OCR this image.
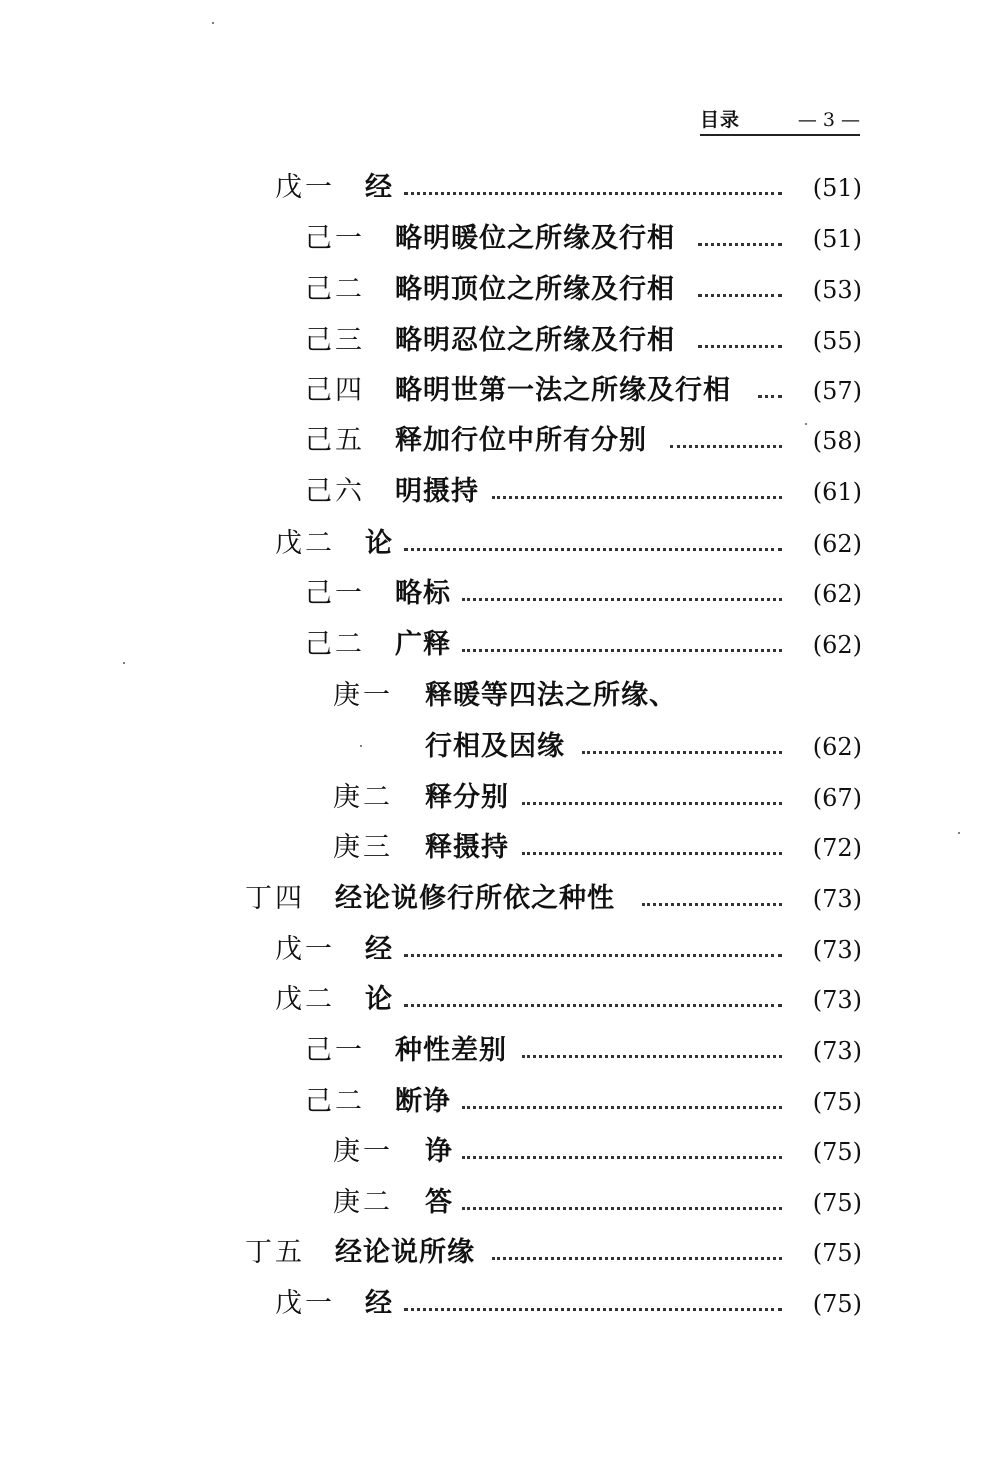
目录	— 3 —
戊一 经	(51)
己一 略明暖位之所缘及行相	(51)
己二 略明顶位之所缘及行相	(53)
己三 略明忍位之所缘及行相	(55)
己四 略明世第一法之所缘及行相	(57)
己五 释加行位中所有分别	(58)
己六 明摄持	(61)
戊二 论	(62)
己一 略标	(62)
己二 广释	(62)
庚一 释暖等四法之所缘、
行相及因缘	(62)
庚二 释分别	(67)
庚三 释摄持	(72)
丁四 经论说修行所依之种性	(73)
戊一 经	(73)
戊二 论	(73)
己一 种性差别	(73)
己二 断诤	(75)
庚一 诤	(75)
庚二 答	(75)
丁五 经论说所缘	(75)
戊一 经	(75)
